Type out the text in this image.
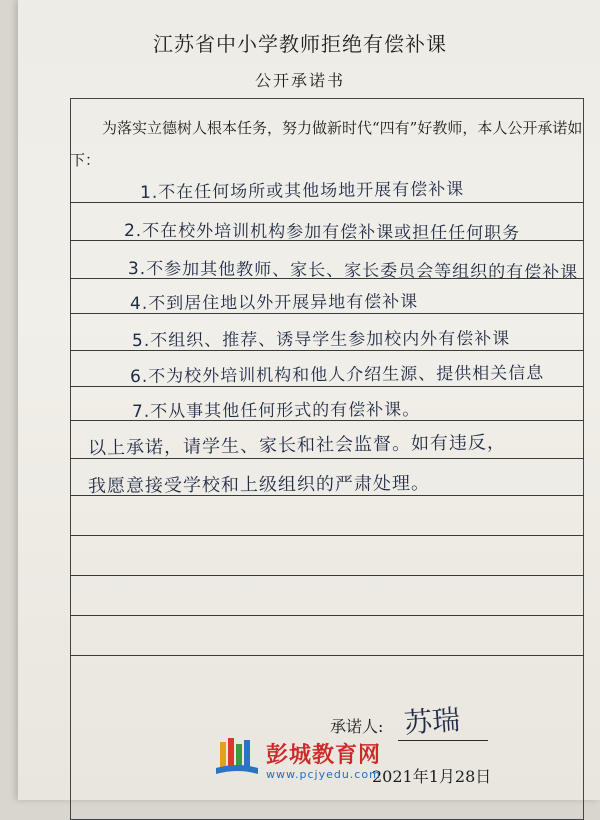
江苏省中小学教师拒绝有偿补课
公开承诺书
为落实立德树人根本任务，努力做新时代“四有”好教师，本人公开承诺如下：
1.不在任何场所或其他场地开展有偿补课
2.不在校外培训机构参加有偿补课或担任任何职务
3.不参加其他教师、家长、家长委员会等组织的有偿补课
4.不到居住地以外开展异地有偿补课
5.不组织、推荐、诱导学生参加校内外有偿补课
6.不为校外培训机构和他人介绍生源、提供相关信息
7.不从事其他任何形式的有偿补课。
以上承诺，请学生、家长和社会监督。如有违反，
我愿意接受学校和上级组织的严肃处理。
承诺人: 苏瑞
2021年1月28日
彭城教育网
www.pcjyedu.com
